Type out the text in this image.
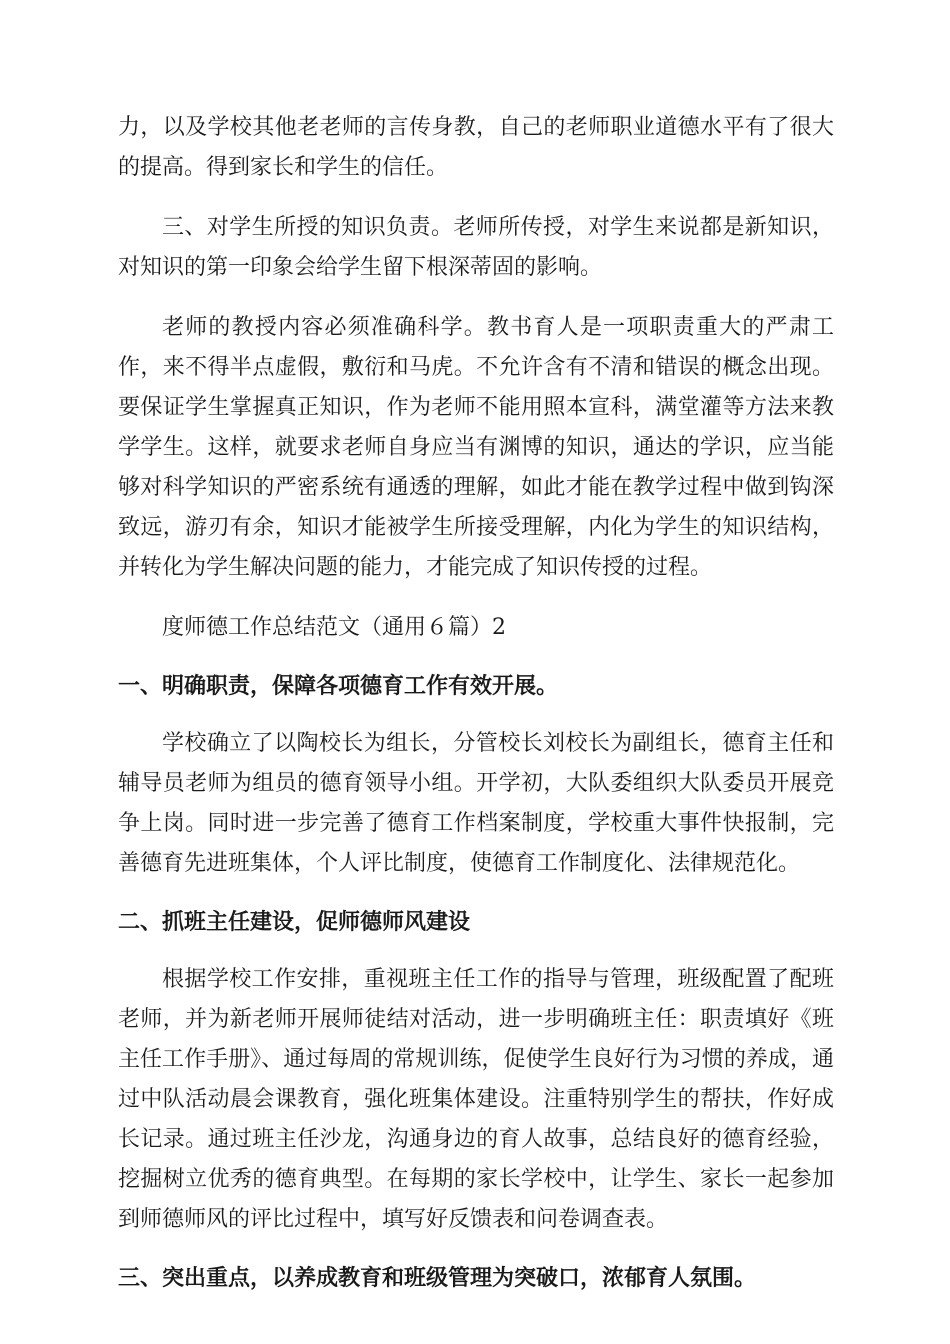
力，以及学校其他老老师的言传身教，自己的老师职业道德水平有了很大的提高。得到家长和学生的信任。

三、对学生所授的知识负责。老师所传授，对学生来说都是新知识，对知识的第一印象会给学生留下根深蒂固的影响。

老师的教授内容必须准确科学。教书育人是一项职责重大的严肃工作，来不得半点虚假，敷衍和马虎。不允许含有不清和错误的概念出现。要保证学生掌握真正知识，作为老师不能用照本宣科，满堂灌等方法来教学学生。这样，就要求老师自身应当有渊博的知识，通达的学识，应当能够对科学知识的严密系统有通透的理解，如此才能在教学过程中做到钩深致远，游刃有余，知识才能被学生所接受理解，内化为学生的知识结构，并转化为学生解决问题的能力，才能完成了知识传授的过程。

度师德工作总结范文（通用６篇）2

一、明确职责，保障各项德育工作有效开展。

学校确立了以陶校长为组长，分管校长刘校长为副组长，德育主任和辅导员老师为组员的德育领导小组。开学初，大队委组织大队委员开展竞争上岗。同时进一步完善了德育工作档案制度，学校重大事件快报制，完善德育先进班集体，个人评比制度，使德育工作制度化、法律规范化。

二、抓班主任建设，促师德师风建设

根据学校工作安排，重视班主任工作的指导与管理，班级配置了配班老师，并为新老师开展师徒结对活动，进一步明确班主任：职责填好《班主任工作手册》、通过每周的常规训练，促使学生良好行为习惯的养成，通过中队活动晨会课教育，强化班集体建设。注重特别学生的帮扶，作好成长记录。通过班主任沙龙，沟通身边的育人故事，总结良好的德育经验，挖掘树立优秀的德育典型。在每期的家长学校中，让学生、家长一起参加到师德师风的评比过程中，填写好反馈表和问卷调查表。

三、突出重点，以养成教育和班级管理为突破口，浓郁育人氛围。
